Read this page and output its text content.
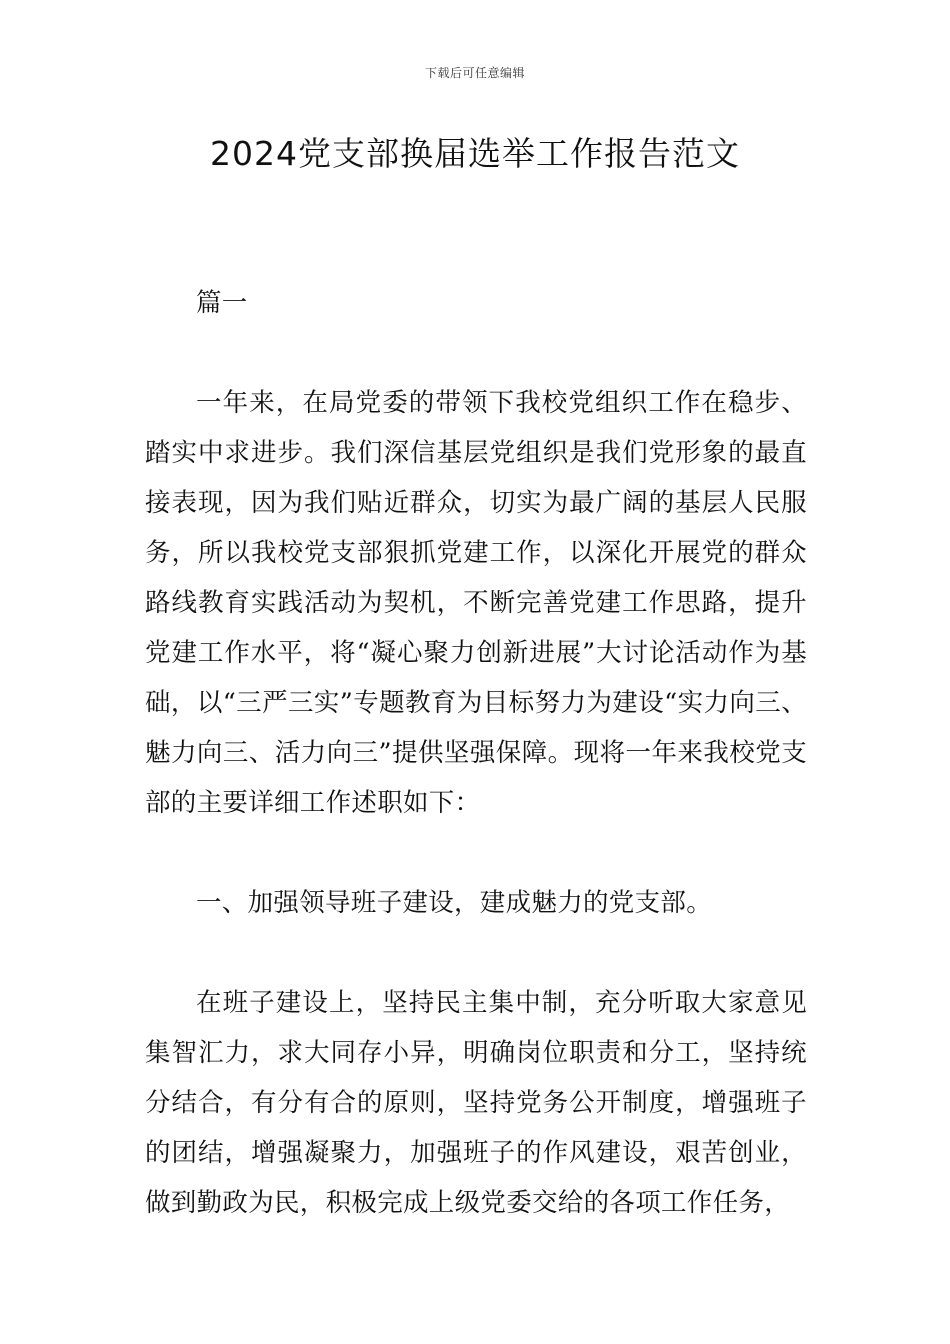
下载后可任意编辑
2024党支部换届选举工作报告范文

篇一

一年来，在局党委的带领下我校党组织工作在稳步、踏实中求进步。我们深信基层党组织是我们党形象的最直接表现，因为我们贴近群众，切实为最广阔的基层人民服务，所以我校党支部狠抓党建工作，以深化开展党的群众路线教育实践活动为契机，不断完善党建工作思路，提升党建工作水平，将“凝心聚力创新进展”大讨论活动作为基础，以“三严三实”专题教育为目标努力为建设“实力向三、魅力向三、活力向三”提供坚强保障。现将一年来我校党支部的主要详细工作述职如下：

一、加强领导班子建设，建成魅力的党支部。

在班子建设上，坚持民主集中制，充分听取大家意见集智汇力，求大同存小异，明确岗位职责和分工，坚持统分结合，有分有合的原则，坚持党务公开制度，增强班子的团结，增强凝聚力，加强班子的作风建设，艰苦创业，做到勤政为民，积极完成上级党委交给的各项工作任务，
